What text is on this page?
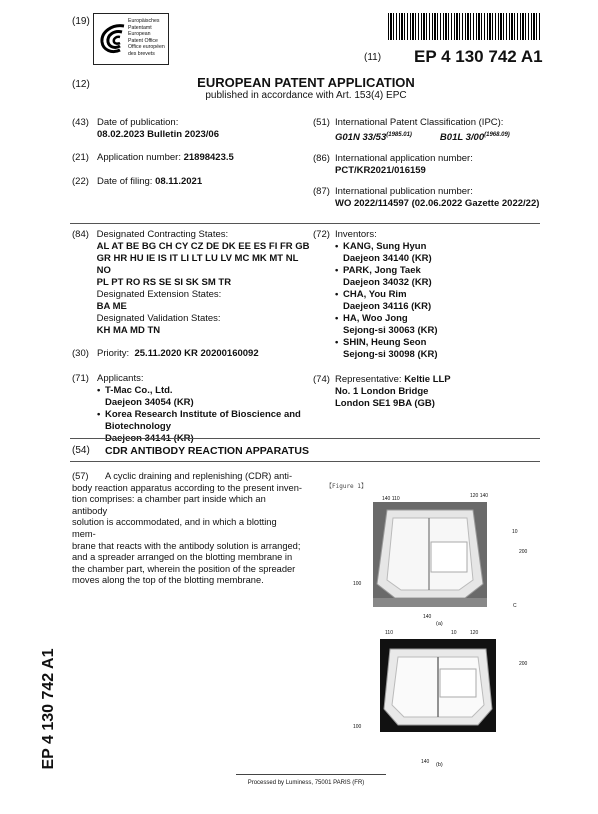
(19)	Europäisches
Patentamt
European
Patent Office
Office européen
des brevets	(11) EP 4 130 742 A1
(12)	EUROPEAN PATENT APPLICATION
published in accordance with Art. 153(4) EPC
(43) Date of publication:
08.02.2023 Bulletin 2023/06
(21) Application number:
21898423.5
(22) Date of filing:
08.11.2021
(51) International Patent Classification (IPC):
G01N $33/53^{(1985.01)}$	B01L $3/00^{(1968.09)}$
(86) International application number:
PCT/KR2021/016159
(87) International publication number:
WO 2022/114597 (02.06.2022 Gazette 2022/22)
(84) Designated Contracting States:
AL AT BE BG CH CY CZ DE DK EE ES FI FR GB
GR HR HU IE IS IT LI LT LU LV MC MK MT NL NO
PL PT RO RS SE SI SK SM TR
Designated Extension States:
BA ME
Designated Validation States:
KH MA MD TN
(30) Priority:
25.11.2020 KR 20200160092
(71) Applicants:
• T-Mac Co., Ltd.
Daejeon 34054 (KR)
• Korea Research Institute of Bioscience and
Biotechnology
Daejeon 34141 (KR)
(72) Inventors:
• KANG, Sung Hyun
Daejeon 34140 (KR)
• PARK, Jong Taek
Daejeon 34032 (KR)
• CHA, You Rim
Daejeon 34116 (KR)
• HA, Woo Jong
Sejong-si 30063 (KR)
• SHIN, Heung Seon
Sejong-si 30098 (KR)
(74) Representative: Keltie LLP
No. 1 London Bridge
London SE1 9BA (GB)
(54)	CDR ANTIBODY REACTION APPARATUS
(57) A cyclic draining and replenishing (CDR) anti-
body reaction apparatus according to the present inven-
tion comprises: a chamber part inside which an antibody
solution is accommodated, and in which a blotting mem-
brane that reacts with the antibody solution is arranged;
and a spreader arranged on the blotting membrane in
the chamber part, wherein the position of the spreader
moves along the top of the blotting membrane.
【Figure 1】
140 110	120 140
10
200
100
140
C
(a)
110	10	120
200
100
140 (b)
EP 4 130 742 A1
Processed by Luminess, 75001 PARIS (FR)
